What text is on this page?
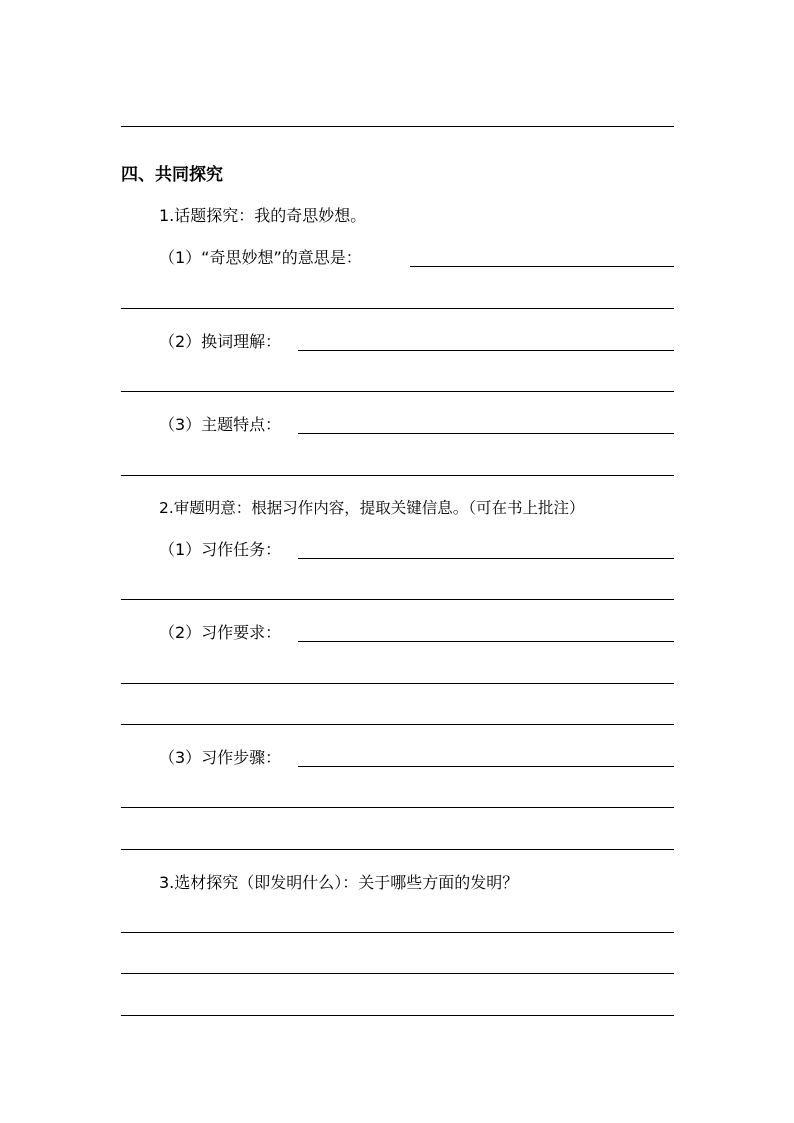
四、共同探究
1.话题探究：我的奇思妙想。
（1）“奇思妙想”的意思是：
（2）换词理解：
（3）主题特点：
2.审题明意：根据习作内容，提取关键信息。（可在书上批注）
（1）习作任务：
（2）习作要求：
（3）习作步骤：
3.选材探究（即发明什么）：关于哪些方面的发明？
